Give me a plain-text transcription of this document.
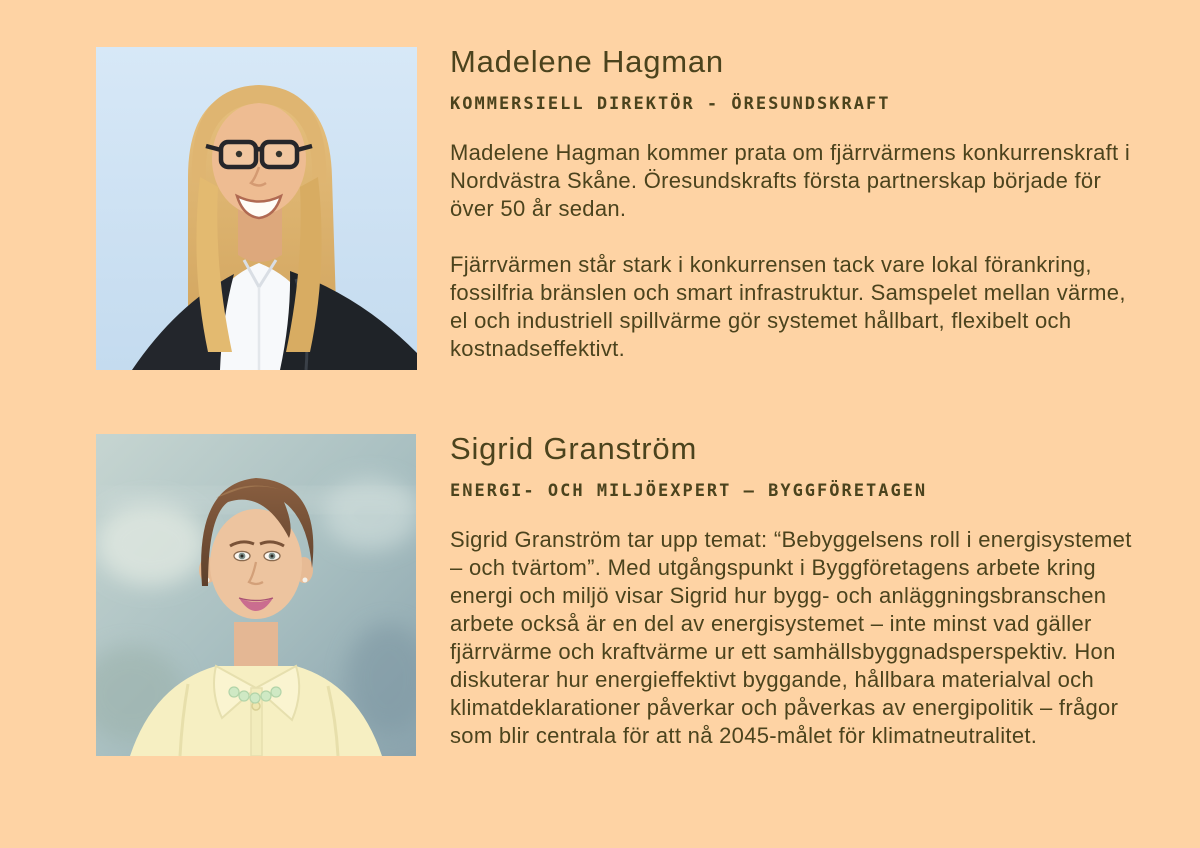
Madelene Hagman
KOMMERSIELL DIREKTÖR - ÖRESUNDSKRAFT

Madelene Hagman kommer prata om fjärrvärmens konkurrenskraft i Nordvästra Skåne. Öresundskrafts första partnerskap började för över 50 år sedan.

Fjärrvärmen står stark i konkurrensen tack vare lokal förankring, fossilfria bränslen och smart infrastruktur. Samspelet mellan värme, el och industriell spillvärme gör systemet hållbart, flexibelt och kostnadseffektivt.

Sigrid Granström
ENERGI- OCH MILJÖEXPERT – BYGGFÖRETAGEN

Sigrid Granström tar upp temat: “Bebyggelsens roll i energisystemet – och tvärtom”. Med utgångspunkt i Byggföretagens arbete kring energi och miljö visar Sigrid hur bygg- och anläggningsbranschen arbete också är en del av energisystemet – inte minst vad gäller fjärrvärme och kraftvärme ur ett samhällsbyggnadsperspektiv. Hon diskuterar hur energieffektivt byggande, hållbara materialval och klimatdeklarationer påverkar och påverkas av energipolitik – frågor som blir centrala för att nå 2045-målet för klimatneutralitet.
